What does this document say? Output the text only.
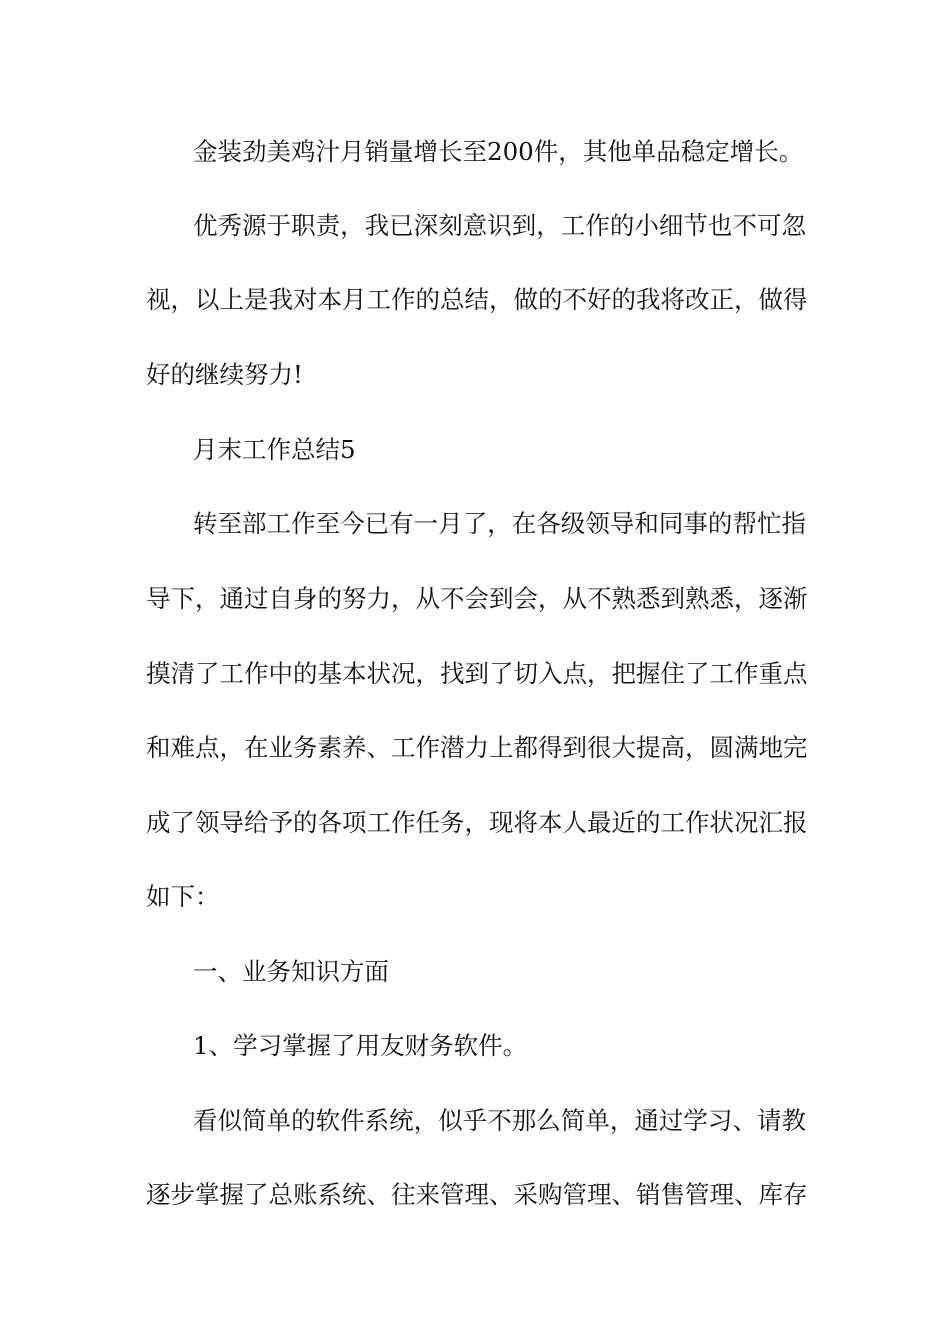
金装劲美鸡汁月销量增长至200件，其他单品稳定增长。
优秀源于职责，我已深刻意识到，工作的小细节也不可忽
视，以上是我对本月工作的总结，做的不好的我将改正，做得
好的继续努力!
月末工作总结5
转至部工作至今已有一月了，在各级领导和同事的帮忙指
导下，通过自身的努力，从不会到会，从不熟悉到熟悉，逐渐
摸清了工作中的基本状况，找到了切入点，把握住了工作重点
和难点，在业务素养、工作潜力上都得到很大提高，圆满地完
成了领导给予的各项工作任务，现将本人最近的工作状况汇报
如下：
一、业务知识方面
1、学习掌握了用友财务软件。
看似简单的软件系统，似乎不那么简单，通过学习、请教
逐步掌握了总账系统、往来管理、采购管理、销售管理、库存
